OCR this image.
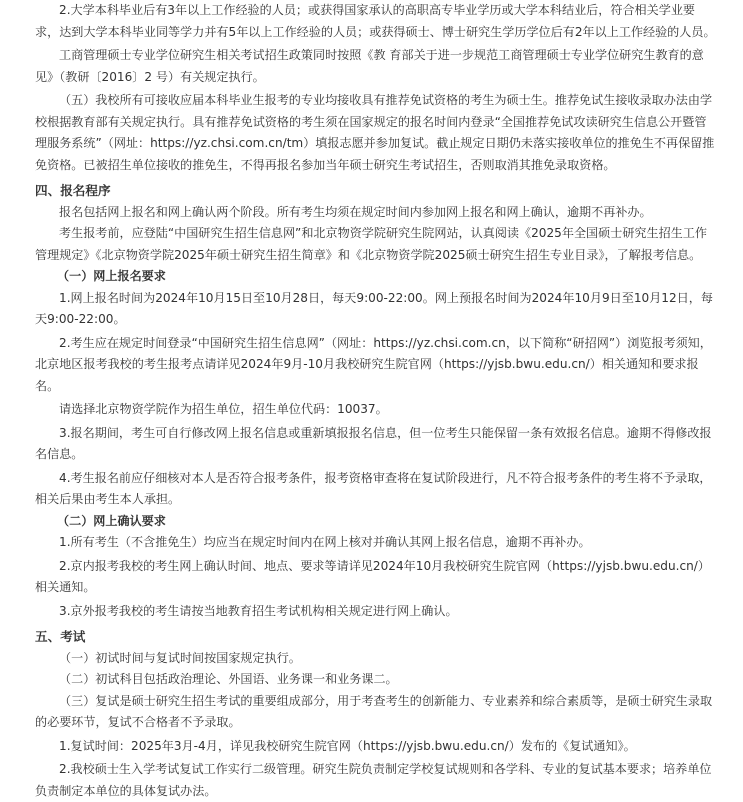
2.大学本科毕业后有3年以上工作经验的人员；或获得国家承认的高职高专毕业学历或大学本科结业后，符合相关学业要求，达到大学本科毕业同等学力并有5年以上工作经验的人员；或获得硕士、博士研究生学历学位后有2年以上工作经验的人员。

工商管理硕士专业学位研究生相关考试招生政策同时按照《教 育部关于进一步规范工商管理硕士专业学位研究生教育的意见》（教研〔2016〕2 号）有关规定执行。

（五）我校所有可接收应届本科毕业生报考的专业均接收具有推荐免试资格的考生为硕士生。推荐免试生接收录取办法由学校根据教育部有关规定执行。具有推荐免试资格的考生须在国家规定的报名时间内登录“全国推荐免试攻读研究生信息公开暨管理服务系统”（网址：https://yz.chsi.com.cn/tm）填报志愿并参加复试。截止规定日期仍未落实接收单位的推免生不再保留推免资格。已被招生单位接收的推免生，不得再报名参加当年硕士研究生考试招生，否则取消其推免录取资格。

四、报名程序

报名包括网上报名和网上确认两个阶段。所有考生均须在规定时间内参加网上报名和网上确认，逾期不再补办。

考生报考前，应登陆“中国研究生招生信息网”和北京物资学院研究生院网站，认真阅读《2025年全国硕士研究生招生工作管理规定》《北京物资学院2025年硕士研究生招生简章》和《北京物资学院2025硕士研究生招生专业目录》，了解报考信息。

（一）网上报名要求

1.网上报名时间为2024年10月15日至10月28日，每天9:00-22:00。网上预报名时间为2024年10月9日至10月12日，每天9:00-22:00。

2.考生应在规定时间登录“中国研究生招生信息网”（网址：https://yz.chsi.com.cn，以下简称“研招网”）浏览报考须知，北京地区报考我校的考生报考点请详见2024年9月-10月我校研究生院官网（https://yjsb.bwu.edu.cn/）相关通知和要求报名。

请选择北京物资学院作为招生单位，招生单位代码：10037。

3.报名期间，考生可自行修改网上报名信息或重新填报报名信息，但一位考生只能保留一条有效报名信息。逾期不得修改报名信息。

4.考生报名前应仔细核对本人是否符合报考条件，报考资格审查将在复试阶段进行，凡不符合报考条件的考生将不予录取，相关后果由考生本人承担。

（二）网上确认要求

1.所有考生（不含推免生）均应当在规定时间内在网上核对并确认其网上报名信息，逾期不再补办。

2.京内报考我校的考生网上确认时间、地点、要求等请详见2024年10月我校研究生院官网（https://yjsb.bwu.edu.cn/）相关通知。

3.京外报考我校的考生请按当地教育招生考试机构相关规定进行网上确认。

五、考试

（一）初试时间与复试时间按国家规定执行。

（二）初试科目包括政治理论、外国语、业务课一和业务课二。

（三）复试是硕士研究生招生考试的重要组成部分，用于考查考生的创新能力、专业素养和综合素质等，是硕士研究生录取的必要环节，复试不合格者不予录取。

1.复试时间：2025年3月-4月，详见我校研究生院官网（https://yjsb.bwu.edu.cn/）发布的《复试通知》。

2.我校硕士生入学考试复试工作实行二级管理。研究生院负责制定学校复试规则和各学科、专业的复试基本要求；培养单位负责制定本单位的具体复试办法。
